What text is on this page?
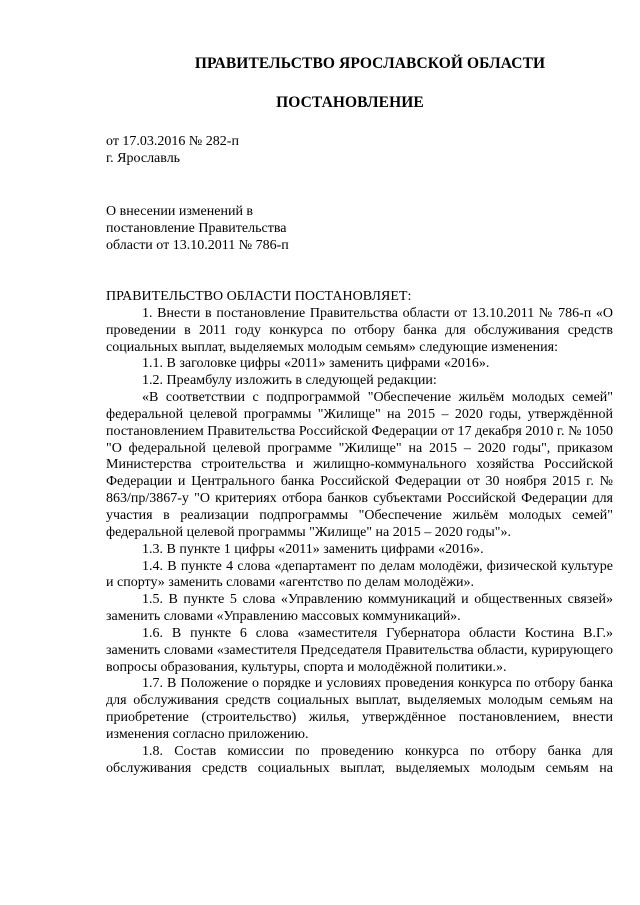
ПРАВИТЕЛЬСТВО ЯРОСЛАВСКОЙ ОБЛАСТИ
ПОСТАНОВЛЕНИЕ
от 17.03.2016 № 282-п
г. Ярославль
О внесении изменений в
постановление Правительства
области от 13.10.2011 № 786-п

ПРАВИТЕЛЬСТВО ОБЛАСТИ ПОСТАНОВЛЯЕТ:

1. Внести в постановление Правительства области от 13.10.2011 № 786-п «О проведении в 2011 году конкурса по отбору банка для обслуживания средств социальных выплат, выделяемых молодым семьям» следующие изменения:

1.1. В заголовке цифры «2011» заменить цифрами «2016».

1.2. Преамбулу изложить в следующей редакции:

«В соответствии с подпрограммой "Обеспечение жильём молодых семей" федеральной целевой программы "Жилище" на 2015 – 2020 годы, утверждённой постановлением Правительства Российской Федерации от 17 декабря 2010 г. № 1050 "О федеральной целевой программе "Жилище" на 2015 – 2020 годы", приказом Министерства строительства и жилищно-коммунального хозяйства Российской Федерации и Центрального банка Российской Федерации от 30 ноября 2015 г. № 863/пр/3867-у "О критериях отбора банков субъектами Российской Федерации для участия в реализации подпрограммы "Обеспечение жильём молодых семей" федеральной целевой программы "Жилище" на 2015 – 2020 годы"».

1.3. В пункте 1 цифры «2011» заменить цифрами «2016».

1.4. В пункте 4 слова «департамент по делам молодёжи, физической культуре и спорту» заменить словами «агентство по делам молодёжи».

1.5. В пункте 5 слова «Управлению коммуникаций и общественных связей» заменить словами «Управлению массовых коммуникаций».

1.6. В пункте 6 слова «заместителя Губернатора области Костина В.Г.» заменить словами «заместителя Председателя Правительства области, курирующего вопросы образования, культуры, спорта и молодёжной политики.».

1.7. В Положение о порядке и условиях проведения конкурса по отбору банка для обслуживания средств социальных выплат, выделяемых молодым семьям на приобретение (строительство) жилья, утверждённое постановлением, внести изменения согласно приложению.

1.8. Состав комиссии по проведению конкурса по отбору банка для обслуживания средств социальных выплат, выделяемых молодым семьям на
